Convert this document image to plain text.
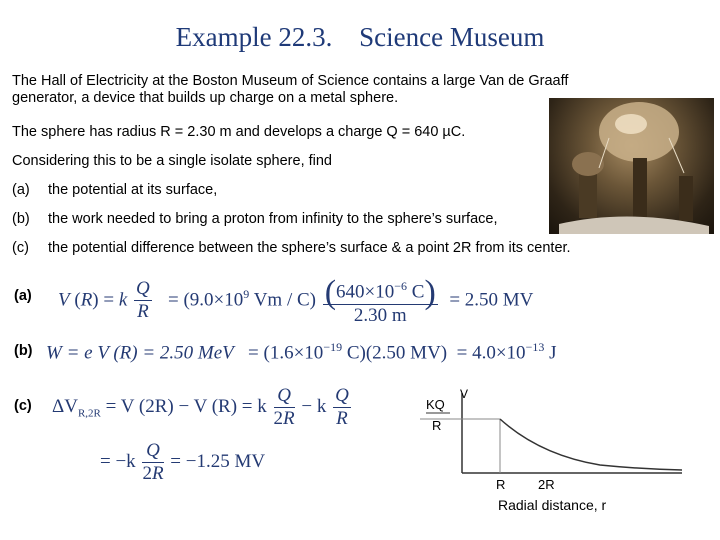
Example 22.3. Science Museum
The Hall of Electricity at the Boston Museum of Science contains a large Van de Graaff
generator, a device that builds up charge on a metal sphere.
The sphere has radius R = 2.30 m and develops a charge Q = 640 µC.
Considering this to be a single isolate sphere, find
(a) the potential at its surface,
(b) the work needed to bring a proton from infinity to the sphere’s surface,
(c) the potential difference between the sphere’s surface & a point 2R from its center.
(a) V (R) = k $\frac{Q}{R} = (9.0\times 10^9$ $Vm / C) \frac{(640\times 10^{-6} C)}{2.30 m} = 2.50$ MV
(b) W = e V (R) = 2.50 MeV = ($1.6\times 10^{-19}$ C)(2.50 $MV) = 4.0\times 10^{-13}$ J
(c) $\Delta V_{R,2R} = V$ (2R) − V (R) = k $\frac{Q}{2R} - k \frac{Q}{R}$
= $-k \frac{Q}{2R} = -1.25$ MV
V
KQ
R
R	2R
Radial distance, r
